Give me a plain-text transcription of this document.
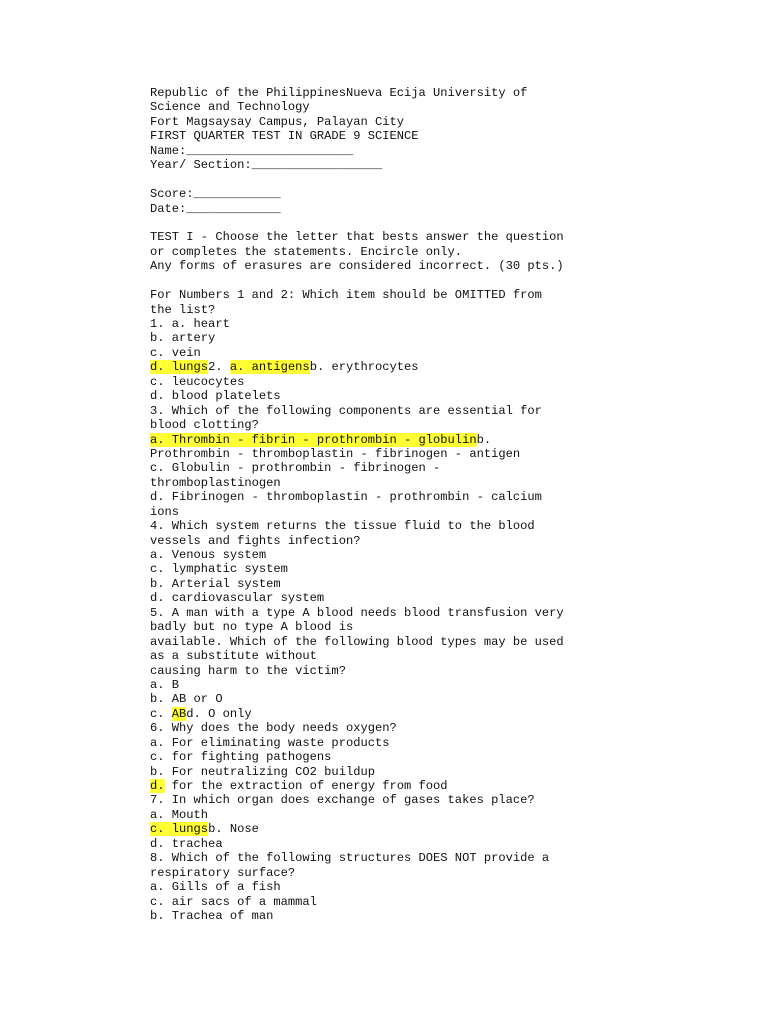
Republic of the PhilippinesNueva Ecija University of
Science and Technology
Fort Magsaysay Campus, Palayan City
FIRST QUARTER TEST IN GRADE 9 SCIENCE
Name:_______________________
Year/ Section:__________________
Score:____________
Date:_____________
TEST I - Choose the letter that bests answer the question
or completes the statements. Encircle only.
Any forms of erasures are considered incorrect. (30 pts.)
For Numbers 1 and 2: Which item should be OMITTED from
the list?
1. a. heart
b. artery
c. vein
d. lungs2. a. antigensb. erythrocytes
c. leucocytes
d. blood platelets
3. Which of the following components are essential for
blood clotting?
a. Thrombin - fibrin - prothrombin - globulinb.
Prothrombin - thromboplastin - fibrinogen - antigen
c. Globulin - prothrombin - fibrinogen -
thromboplastinogen
d. Fibrinogen - thromboplastin - prothrombin - calcium
ions
4. Which system returns the tissue fluid to the blood
vessels and fights infection?
a. Venous system
c. lymphatic system
b. Arterial system
d. cardiovascular system
5. A man with a type A blood needs blood transfusion very
badly but no type A blood is
available. Which of the following blood types may be used
as a substitute without
causing harm to the victim?
a. B
b. AB or O
c. ABd. O only
6. Why does the body needs oxygen?
a. For eliminating waste products
c. for fighting pathogens
b. For neutralizing CO2 buildup
d. for the extraction of energy from food
7. In which organ does exchange of gases takes place?
a. Mouth
c. lungsb. Nose
d. trachea
8. Which of the following structures DOES NOT provide a
respiratory surface?
a. Gills of a fish
c. air sacs of a mammal
b. Trachea of man
